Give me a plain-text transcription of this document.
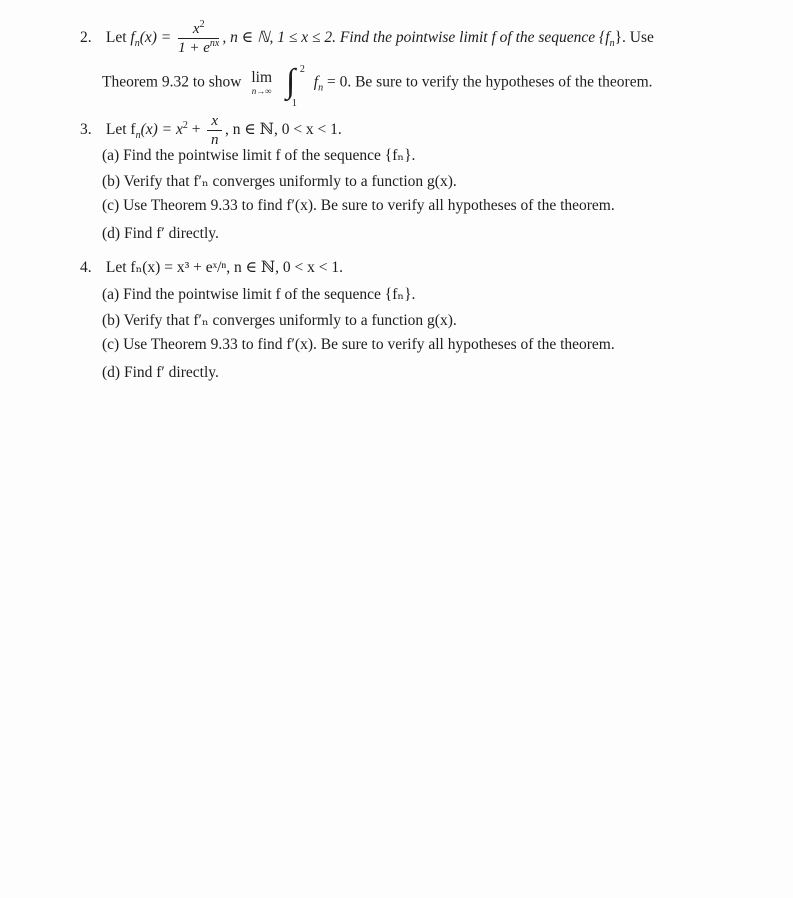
2. Let $f_n(x) = \frac{x^2}{1 + e^{nx}}$ , n ∈ ℕ, 1 ≤ x ≤ 2. Find the pointwise limit f of the sequence $\{f_n\}$. Use
Theorem 9.32 to show lim
n→∞
∫ 2
1
$f_n = 0$. Be sure to verify the hypotheses of the theorem.
3. Let $f_n(x) = x^2 + \frac{x}{n}$ , n ∈ ℕ, 0 < x < 1.
(a) Find the pointwise limit f of the sequence {fₙ}.
(b) Verify that f′ₙ converges uniformly to a function g(x).
(c) Use Theorem 9.33 to find f′(x). Be sure to verify all hypotheses of the theorem.
(d) Find f′ directly.
4. Let fₙ(x) = x³ + eˣ/ⁿ, n ∈ ℕ, 0 < x < 1.
(a) Find the pointwise limit f of the sequence {fₙ}.
(b) Verify that f′ₙ converges uniformly to a function g(x).
(c) Use Theorem 9.33 to find f′(x). Be sure to verify all hypotheses of the theorem.
(d) Find f′ directly.
